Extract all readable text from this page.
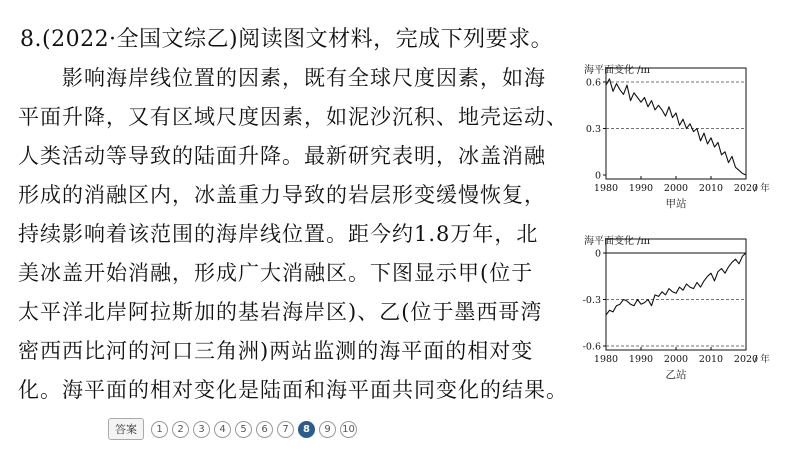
8.(2022·全国文综乙)阅读图文材料，完成下列要求。
影响海岸线位置的因素，既有全球尺度因素，如海
平面升降，又有区域尺度因素，如泥沙沉积、地壳运动、
人类活动等导致的陆面升降。最新研究表明，冰盖消融
形成的消融区内，冰盖重力导致的岩层形变缓慢恢复，
持续影响着该范围的海岸线位置。距今约1.8万年，北
美冰盖开始消融，形成广大消融区。下图显示甲(位于
太平洋北岸阿拉斯加的基岩海岸区)、乙(位于墨西哥湾
密西西比河的河口三角洲)两站监测的海平面的相对变
化。海平面的相对变化是陆面和海平面共同变化的结果。
海平面变化 /m
0.6
0.3
0
1980 1990 2000 2010 2020
/ 年
甲站
海平面变化 /m
0
-0.3
-0.6
1980 1990 2000 2010 2020
/ 年
乙站
答案	1	2	3	4	5	6	7	8	9	10
